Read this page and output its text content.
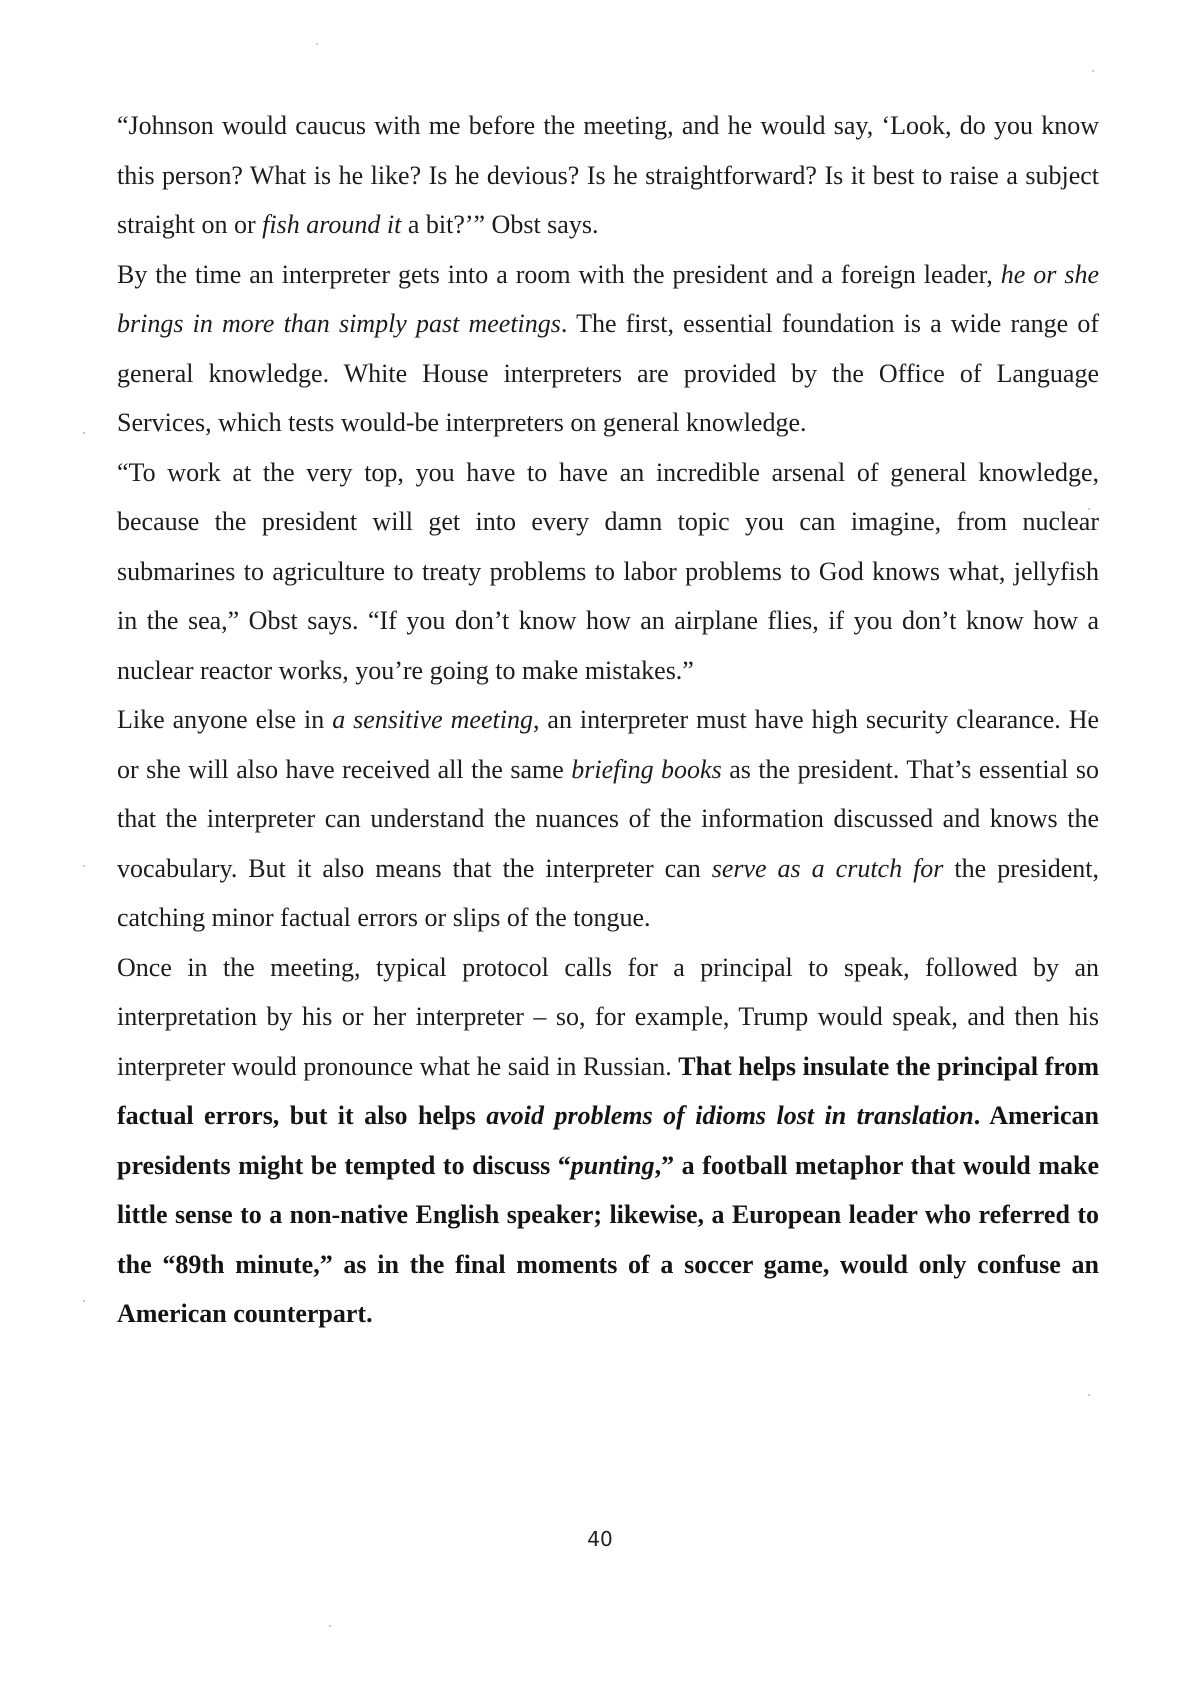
“Johnson would caucus with me before the meeting, and he would say, ‘Look, do you know this person? What is he like? Is he devious? Is he straightforward? Is it best to raise a subject straight on or fish around it a bit?’” Obst says.

By the time an interpreter gets into a room with the president and a foreign leader, he or she brings in more than simply past meetings. The first, essential foundation is a wide range of general knowledge. White House interpreters are provided by the Office of Language Services, which tests would-be interpreters on general knowledge.

“To work at the very top, you have to have an incredible arsenal of general knowledge, because the president will get into every damn topic you can imagine, from nuclear submarines to agriculture to treaty problems to labor problems to God knows what, jellyfish in the sea,” Obst says. “If you don’t know how an airplane flies, if you don’t know how a nuclear reactor works, you’re going to make mistakes.”

Like anyone else in a sensitive meeting, an interpreter must have high security clearance. He or she will also have received all the same briefing books as the president. That’s essential so that the interpreter can understand the nuances of the information discussed and knows the vocabulary. But it also means that the interpreter can serve as a crutch for the president, catching minor factual errors or slips of the tongue.

Once in the meeting, typical protocol calls for a principal to speak, followed by an interpretation by his or her interpreter – so, for example, Trump would speak, and then his interpreter would pronounce what he said in Russian. That helps insulate the principal from factual errors, but it also helps avoid problems of idioms lost in translation. American presidents might be tempted to discuss “punting,” a football metaphor that would make little sense to a non-native English speaker; likewise, a European leader who referred to the “89th minute,” as in the final moments of a soccer game, would only confuse an American counterpart.

40
